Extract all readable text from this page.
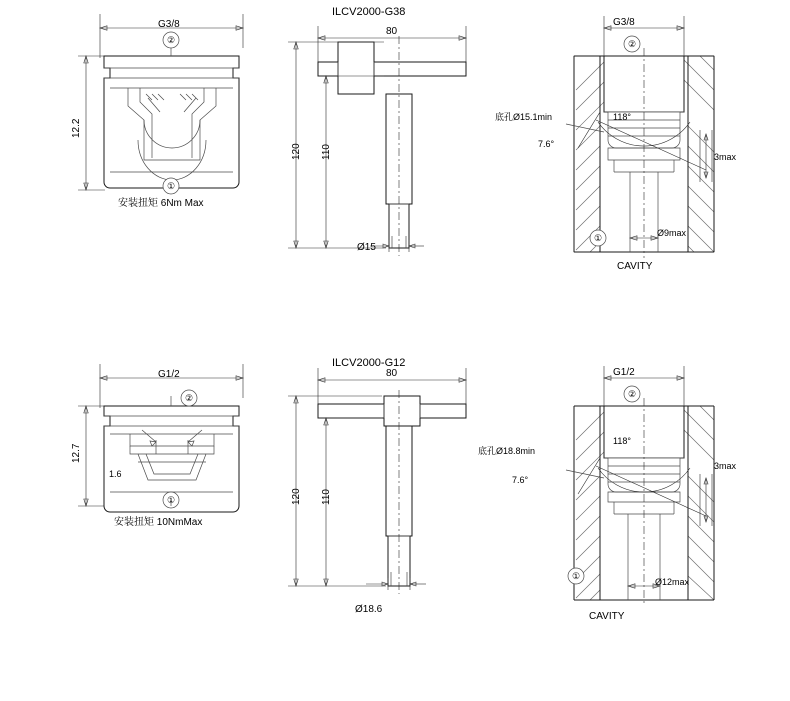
G3/8
12.2
②
①
安装扭矩 6Nm Max
ILCV2000-G38
80
120 110
Ø15
G3/8
②
①
底孔Ø15.1min	118°
7.6°
3max
Ø9max
CAVITY
G1/2
12.7
②
①
安装扭矩 10NmMax
ILCV2000-G12
80
120 110
Ø18.6
G1/2
②
①
底孔Ø18.8min
118°
7.6°
3max
Ø12max
CAVITY
1.6
